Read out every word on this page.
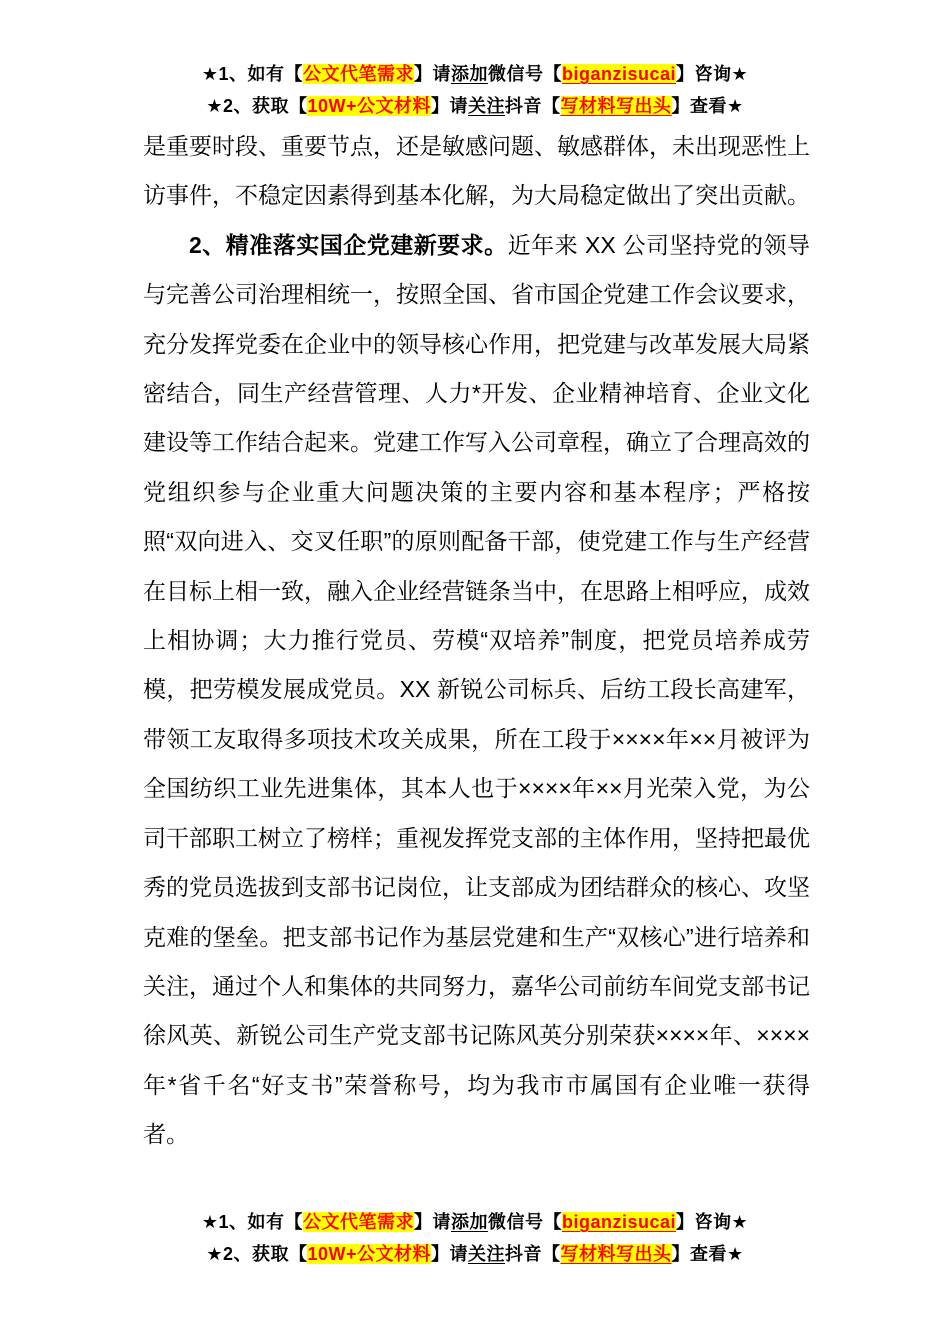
★1、如有【公文代笔需求】请添加微信号【biganzisucai】咨询★

★2、获取【10W+公文材料】请关注抖音【写材料写出头】查看★

是重要时段、重要节点，还是敏感问题、敏感群体，未出现恶性上访事件，不稳定因素得到基本化解，为大局稳定做出了突出贡献。

2、精准落实国企党建新要求。近年来 XX 公司坚持党的领导与完善公司治理相统一，按照全国、省市国企党建工作会议要求，充分发挥党委在企业中的领导核心作用，把党建与改革发展大局紧密结合，同生产经营管理、人力*开发、企业精神培育、企业文化建设等工作结合起来。党建工作写入公司章程，确立了合理高效的党组织参与企业重大问题决策的主要内容和基本程序；严格按照“双向进入、交叉任职”的原则配备干部，使党建工作与生产经营在目标上相一致，融入企业经营链条当中，在思路上相呼应，成效上相协调；大力推行党员、劳模“双培养”制度，把党员培养成劳模，把劳模发展成党员。XX 新锐公司标兵、后纺工段长高建军，带领工友取得多项技术攻关成果，所在工段于××××年××月被评为全国纺织工业先进集体，其本人也于××××年××月光荣入党，为公司干部职工树立了榜样；重视发挥党支部的主体作用，坚持把最优秀的党员选拔到支部书记岗位，让支部成为团结群众的核心、攻坚克难的堡垒。把支部书记作为基层党建和生产“双核心”进行培养和关注，通过个人和集体的共同努力，嘉华公司前纺车间党支部书记徐风英、新锐公司生产党支部书记陈风英分别荣获××××年、××××年*省千名“好支书”荣誉称号，均为我市市属国有企业唯一获得者。

★1、如有【公文代笔需求】请添加微信号【biganzisucai】咨询★

★2、获取【10W+公文材料】请关注抖音【写材料写出头】查看★
